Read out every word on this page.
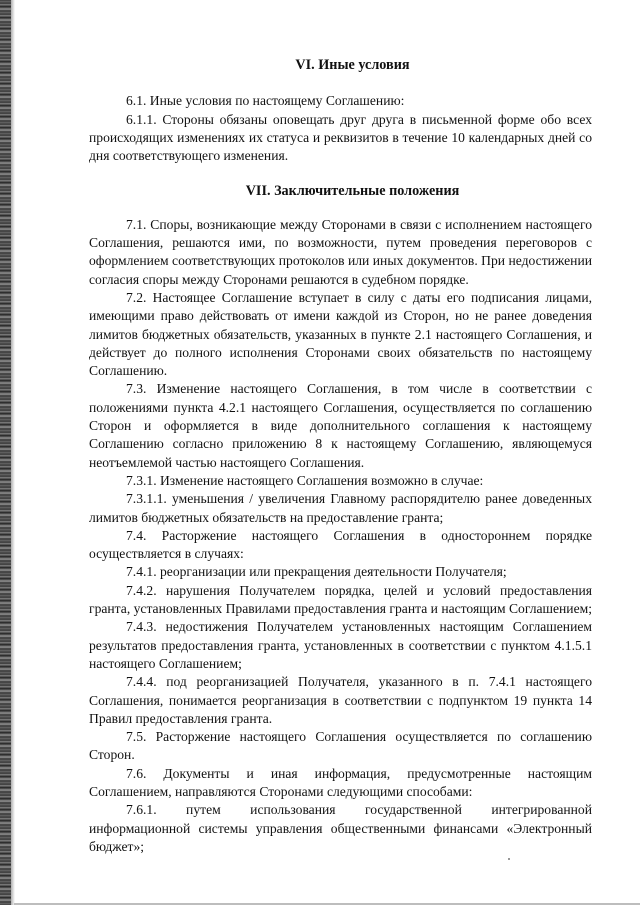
VI. Иные условия

6.1. Иные условия по настоящему Соглашению:

6.1.1. Стороны обязаны оповещать друг друга в письменной форме обо всех происходящих изменениях их статуса и реквизитов в течение 10 календарных дней со дня соответствующего изменения.

VII. Заключительные положения

7.1. Споры, возникающие между Сторонами в связи с исполнением настоящего Соглашения, решаются ими, по возможности, путем проведения переговоров с оформлением соответствующих протоколов или иных документов. При недостижении согласия споры между Сторонами решаются в судебном порядке.

7.2. Настоящее Соглашение вступает в силу с даты его подписания лицами, имеющими право действовать от имени каждой из Сторон, но не ранее доведения лимитов бюджетных обязательств, указанных в пункте 2.1 настоящего Соглашения, и действует до полного исполнения Сторонами своих обязательств по настоящему Соглашению.

7.3. Изменение настоящего Соглашения, в том числе в соответствии с положениями пункта 4.2.1 настоящего Соглашения, осуществляется по соглашению Сторон и оформляется в виде дополнительного соглашения к настоящему Соглашению согласно приложению 8 к настоящему Соглашению, являющемуся неотъемлемой частью настоящего Соглашения.

7.3.1. Изменение настоящего Соглашения возможно в случае:

7.3.1.1. уменьшения / увеличения Главному распорядителю ранее доведенных лимитов бюджетных обязательств на предоставление гранта;

7.4. Расторжение настоящего Соглашения в одностороннем порядке осуществляется в случаях:

7.4.1. реорганизации или прекращения деятельности Получателя;

7.4.2. нарушения Получателем порядка, целей и условий предоставления гранта, установленных Правилами предоставления гранта и настоящим Соглашением;

7.4.3. недостижения Получателем установленных настоящим Соглашением результатов предоставления гранта, установленных в соответствии с пунктом 4.1.5.1 настоящего Соглашением;

7.4.4. под реорганизацией Получателя, указанного в п. 7.4.1 настоящего Соглашения, понимается реорганизация в соответствии с подпунктом 19 пункта 14 Правил предоставления гранта.

7.5. Расторжение настоящего Соглашения осуществляется по соглашению Сторон.

7.6. Документы и иная информация, предусмотренные настоящим Соглашением, направляются Сторонами следующими способами:

7.6.1. путем использования государственной интегрированной информационной системы управления общественными финансами «Электронный бюджет»;
